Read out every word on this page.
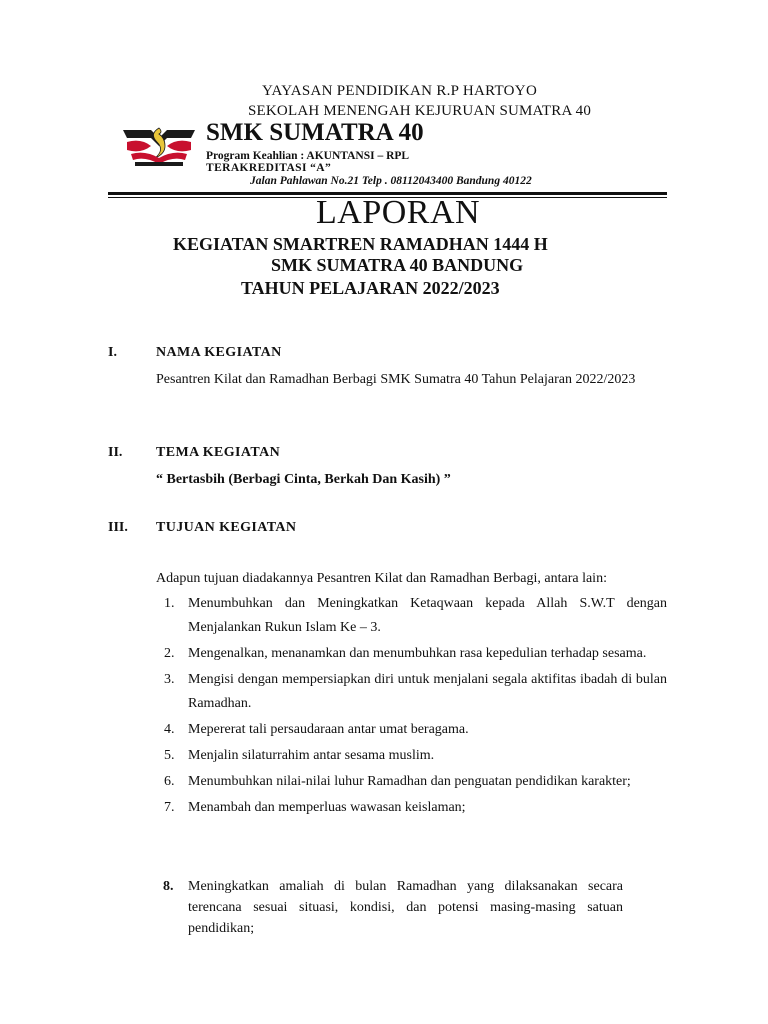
YAYASAN PENDIDIKAN R.P HARTOYO
SEKOLAH MENENGAH KEJURUAN SUMATRA 40
SMK SUMATRA 40
Program Keahlian : AKUNTANSI – RPL
TERAKREDITASI “A”
Jalan Pahlawan No.21 Telp . 08112043400 Bandung 40122
LAPORAN
KEGIATAN SMARTREN RAMADHAN 1444 H
SMK SUMATRA 40 BANDUNG
TAHUN PELAJARAN 2022/2023
I.	NAMA KEGIATAN
Pesantren Kilat dan Ramadhan Berbagi SMK Sumatra 40 Tahun Pelajaran 2022/2023
II. TEMA KEGIATAN
“ Bertasbih (Berbagi Cinta, Berkah Dan Kasih) ”
III. TUJUAN KEGIATAN
Adapun tujuan diadakannya Pesantren Kilat dan Ramadhan Berbagi, antara lain:
1. Menumbuhkan dan Meningkatkan Ketaqwaan kepada Allah S.W.T dengan Menjalankan Rukun Islam Ke – 3.
2. Mengenalkan, menanamkan dan menumbuhkan rasa kepedulian terhadap sesama.
3. Mengisi dengan mempersiapkan diri untuk menjalani segala aktifitas ibadah di bulan Ramadhan.
4. Mepererat tali persaudaraan antar umat beragama.
5. Menjalin silaturrahim antar sesama muslim.
6. Menumbuhkan nilai-nilai luhur Ramadhan dan penguatan pendidikan karakter;
7. Menambah dan memperluas wawasan keislaman;
8. Meningkatkan amaliah di bulan Ramadhan yang dilaksanakan secara terencana sesuai situasi, kondisi, dan potensi masing-masing satuan pendidikan;
